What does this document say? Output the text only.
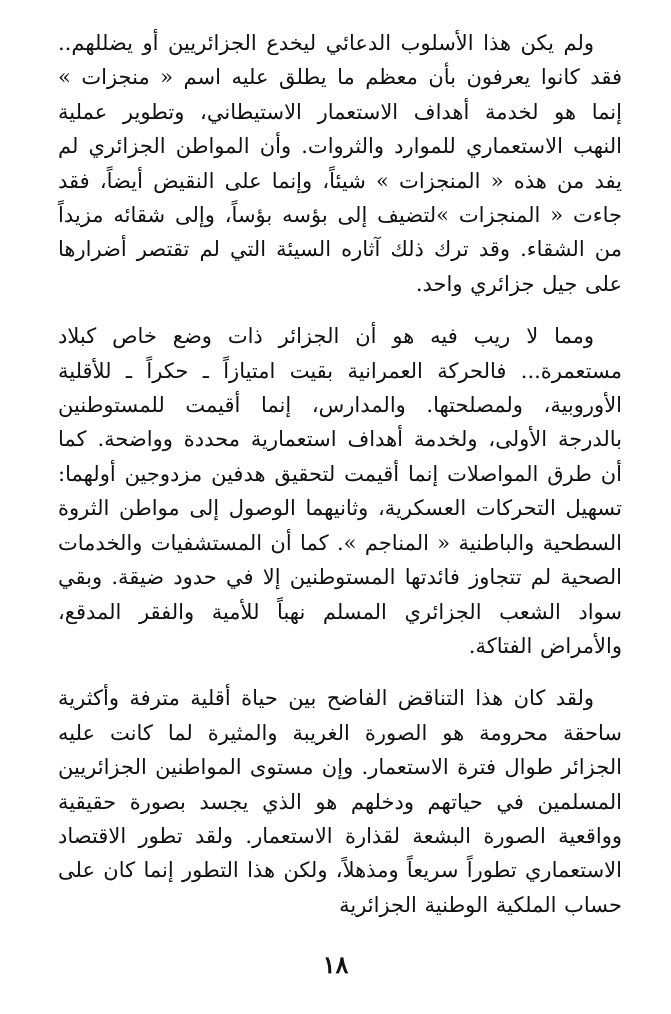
ولم يكن هذا الأسلوب الدعائي ليخدع الجزائريين أو يضللهم.. فقد كانوا يعرفون بأن معظم ما يطلق عليه اسم « منجزات » إنما هو لخدمة أهداف الاستعمار الاستيطاني، وتطوير عملية النهب الاستعماري للموارد والثروات. وأن المواطن الجزائري لم يفد من هذه « المنجزات » شيئاً، وإنما على النقيض أيضاً، فقد جاءت « المنجزات »لتضيف إلى بؤسه بؤساً، وإلى شقائه مزيداً من الشقاء. وقد ترك ذلك آثاره السيئة التي لم تقتصر أضرارها على جيل جزائري واحد.

ومما لا ريب فيه هو أن الجزائر ذات وضع خاص كبلاد مستعمرة... فالحركة العمرانية بقيت امتيازاً ـ حكراً ـ للأقلية الأوروبية، ولمصلحتها. والمدارس، إنما أقيمت للمستوطنين بالدرجة الأولى، ولخدمة أهداف استعمارية محددة وواضحة. كما أن طرق المواصلات إنما أقيمت لتحقيق هدفين مزدوجين أولهما: تسهيل التحركات العسكرية، وثانيهما الوصول إلى مواطن الثروة السطحية والباطنية « المناجم ». كما أن المستشفيات والخدمات الصحية لم تتجاوز فائدتها المستوطنين إلا في حدود ضيقة. وبقي سواد الشعب الجزائري المسلم نهباً للأمية والفقر المدقع، والأمراض الفتاكة.

ولقد كان هذا التناقض الفاضح بين حياة أقلية مترفة وأكثرية ساحقة محرومة هو الصورة الغريبة والمثيرة لما كانت عليه الجزائر طوال فترة الاستعمار. وإن مستوى المواطنين الجزائريين المسلمين في حياتهم ودخلهم هو الذي يجسد بصورة حقيقية وواقعية الصورة البشعة لقذارة الاستعمار. ولقد تطور الاقتصاد الاستعماري تطوراً سريعاً ومذهلاً، ولكن هذا التطور إنما كان على حساب الملكية الوطنية الجزائرية

١٨
